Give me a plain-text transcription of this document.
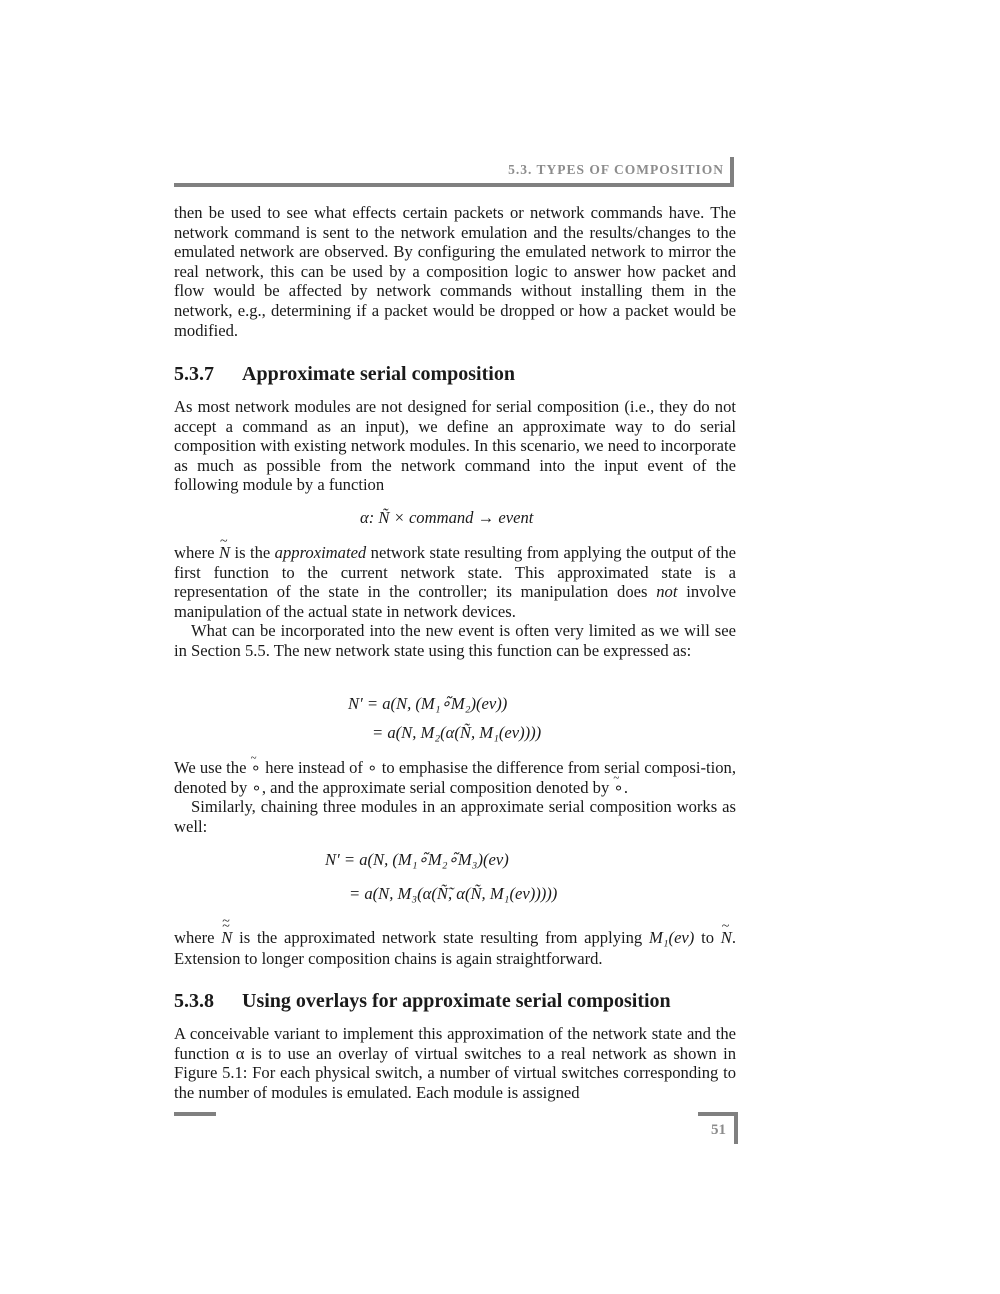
5.3. TYPES OF COMPOSITION

then be used to see what effects certain packets or network commands have. The network command is sent to the network emulation and the results/changes to the emulated network are observed. By configuring the emulated network to mirror the real network, this can be used by a composition logic to answer how packet and flow would be affected by network commands without installing them in the network, e.g., determining if a packet would be dropped or how a packet would be modified.

5.3.7 Approximate serial composition

As most network modules are not designed for serial composition (i.e., they do not accept a command as an input), we define an approximate way to do serial composition with existing network modules. In this scenario, we need to incorporate as much as possible from the network command into the input event of the following module by a function

α: Ñ × command → event

where ~ N is the approximated network state resulting from applying the output of the first function to the current network state. This approximated state is a representation of the state in the controller; its manipulation does not involve manipulation of the actual state in network devices.

What can be incorporated into the new event is often very limited as we will see in Section 5.5. The new network state using this function can be expressed as:

N′ = a(N, (M₁∘̃M₂)(ev))
= a(N, M₂(α(Ñ, M₁(ev))))

We use the ~ ∘ here instead of ∘ to emphasise the difference from serial composi-tion, denoted by ∘, and the approximate serial composition denoted by ~ ∘.

Similarly, chaining three modules in an approximate serial composition works as well:

N′ = a(N, (M₁∘̃M₂∘̃M₃)(ev)
= a(N, M₃(α(Ñ̃, α(Ñ, M₁(ev)))))

where ~ N ~ is the approximated network state resulting from applying M₁(ev) to ~ N. Extension to longer composition chains is again straightforward.

5.3.8 Using overlays for approximate serial composition

A conceivable variant to implement this approximation of the network state and the function α is to use an overlay of virtual switches to a real network as shown in Figure 5.1: For each physical switch, a number of virtual switches corresponding to the number of modules is emulated. Each module is assigned

51
